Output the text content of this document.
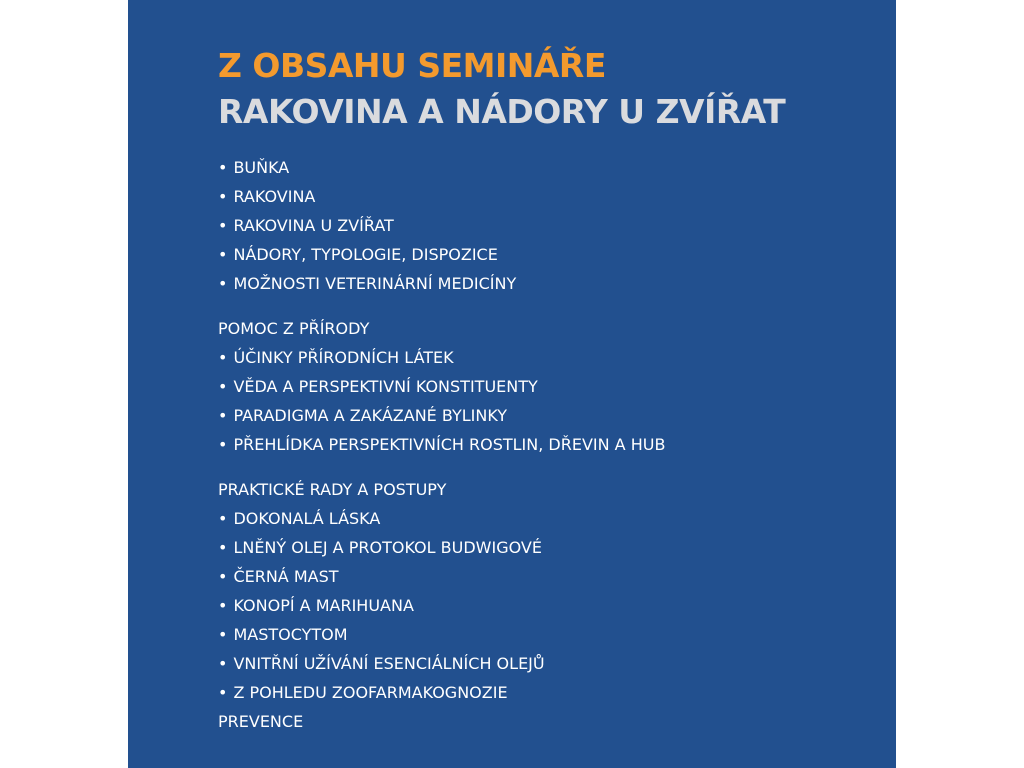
Z OBSAHU SEMINÁŘE
RAKOVINA A NÁDORY U ZVÍŘAT
• BUŇKA
• RAKOVINA
• RAKOVINA U ZVÍŘAT
• NÁDORY, TYPOLOGIE, DISPOZICE
• MOŽNOSTI VETERINÁRNÍ MEDICÍNY
POMOC Z PŘÍRODY
• ÚČINKY PŘÍRODNÍCH LÁTEK
• VĚDA A PERSPEKTIVNÍ KONSTITUENTY
• PARADIGMA A ZAKÁZANÉ BYLINKY
• PŘEHLÍDKA PERSPEKTIVNÍCH ROSTLIN, DŘEVIN A HUB
PRAKTICKÉ RADY A POSTUPY
• DOKONALÁ LÁSKA
• LNĚNÝ OLEJ A PROTOKOL BUDWIGOVÉ
• ČERNÁ MAST
• KONOPÍ A MARIHUANA
• MASTOCYTOM
• VNITŘNÍ UŽÍVÁNÍ ESENCIÁLNÍCH OLEJŮ
• Z POHLEDU ZOOFARMAKOGNOZIE
PREVENCE
